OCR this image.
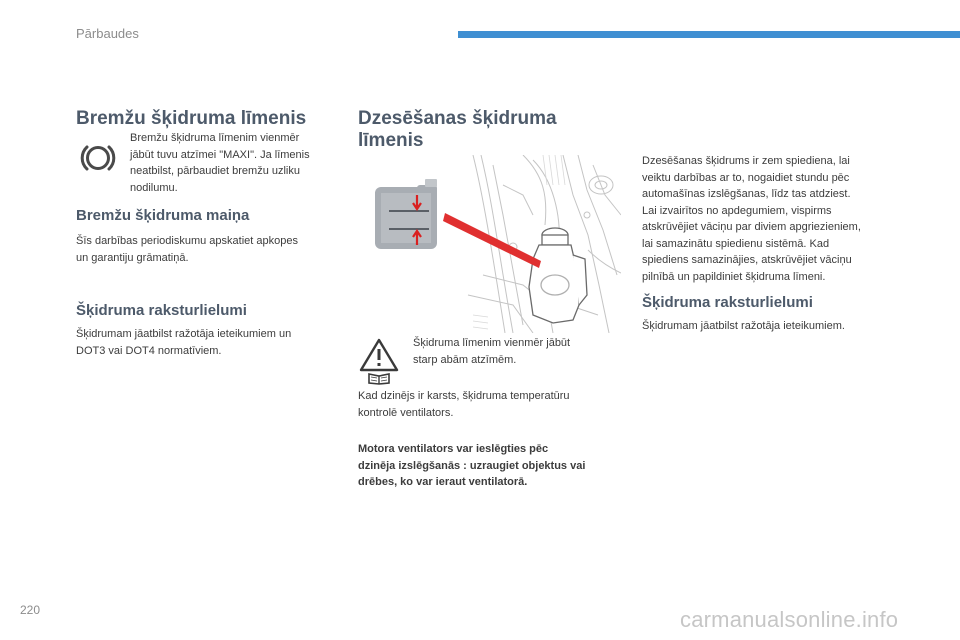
Pārbaudes
Bremžu šķidruma līmenis
Bremžu šķidruma līmenim vienmēr
jābūt tuvu atzīmei "MAXI". Ja līmenis
neatbilst, pārbaudiet bremžu uzliku
nodilumu.
Bremžu šķidruma maiņa
Šīs darbības periodiskumu apskatiet apkopes
un garantiju grāmatiņā.
Šķidruma raksturlielumi
Šķidrumam jāatbilst ražotāja ieteikumiem un
DOT3 vai DOT4 normatīviem.
Dzesēšanas šķidruma
līmenis
Šķidruma līmenim vienmēr jābūt
starp abām atzīmēm.
Kad dzinējs ir karsts, šķidruma temperatūru
kontrolē ventilators.
Motora ventilators var ieslēgties pēc
dzinēja izslēgšanās : uzraugiet objektus vai
drēbes, ko var ieraut ventilatorā.
Dzesēšanas šķidrums ir zem spiediena, lai
veiktu darbības ar to, nogaidiet stundu pēc
automašīnas izslēgšanas, līdz tas atdziest.
Lai izvairītos no apdegumiem, vispirms
atskrūvējiet vāciņu par diviem apgriezieniem,
lai samazinātu spiedienu sistēmā. Kad
spiediens samazinājies, atskrūvējiet vāciņu
pilnībā un papildiniet šķidruma līmeni.
Šķidruma raksturlielumi
Šķidrumam jāatbilst ražotāja ieteikumiem.
220	carmanualsonline.info
